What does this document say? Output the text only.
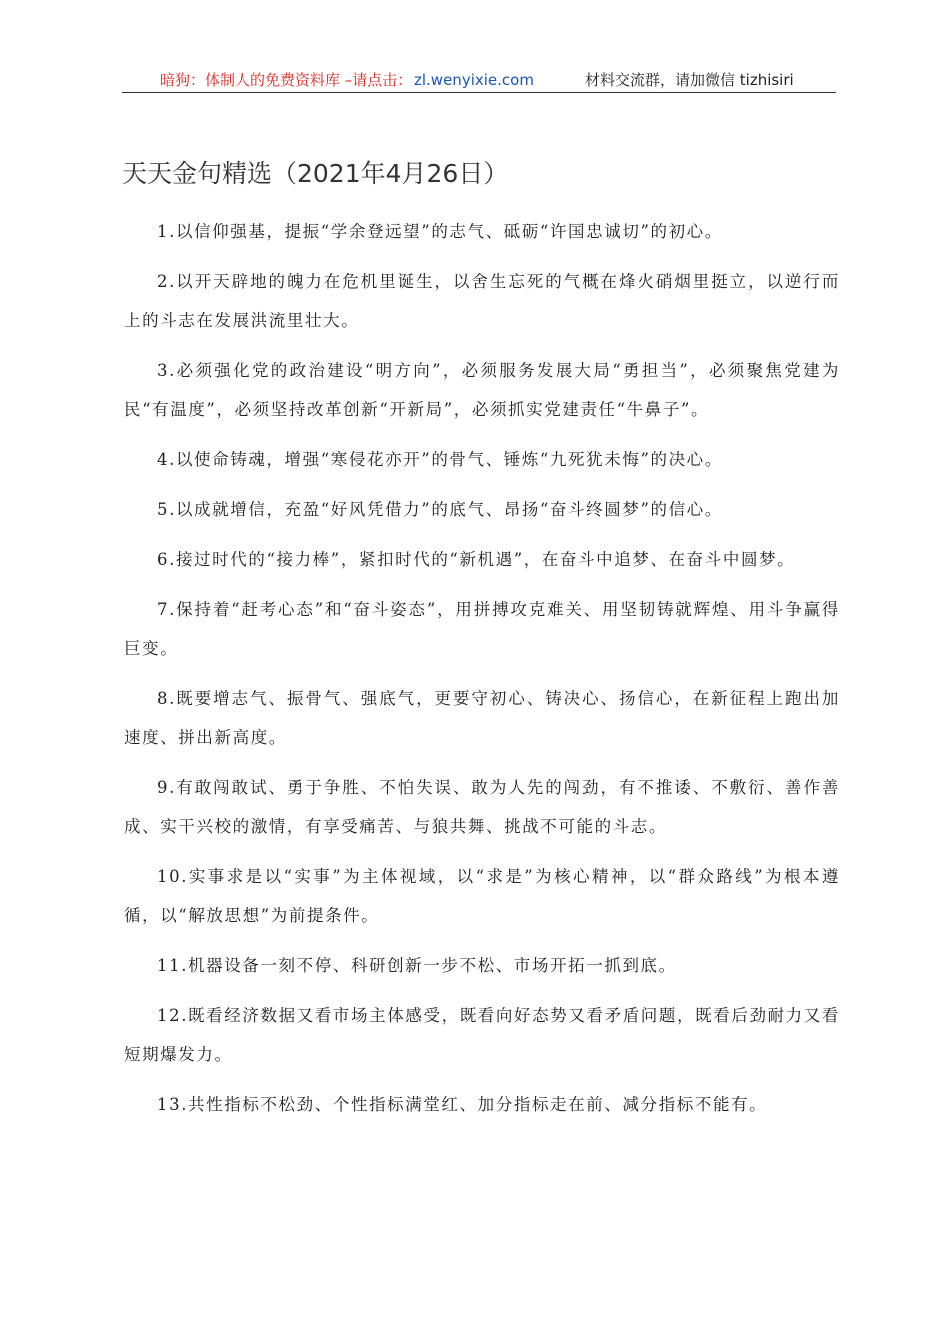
暗狗：体制人的免费资料库 –请点击： zl.wenyixie.com	材料交流群，请加微信 tizhisiri
天天金句精选（2021年4月26日）

1.以信仰强基，提振“学余登远望”的志气、砥砺“许国忠诚切”的初心。

2.以开天辟地的魄力在危机里诞生，以舍生忘死的气概在烽火硝烟里挺立，以逆行而上的斗志在发展洪流里壮大。

3.必须强化党的政治建设“明方向”，必须服务发展大局“勇担当”，必须聚焦党建为民“有温度”，必须坚持改革创新“开新局”，必须抓实党建责任“牛鼻子”。

4.以使命铸魂，增强“寒侵花亦开”的骨气、锤炼“九死犹未悔”的决心。

5.以成就增信，充盈“好风凭借力”的底气、昂扬“奋斗终圆梦”的信心。

6.接过时代的“接力棒”，紧扣时代的“新机遇”，在奋斗中追梦、在奋斗中圆梦。

7.保持着“赶考心态”和“奋斗姿态”，用拼搏攻克难关、用坚韧铸就辉煌、用斗争赢得巨变。

8.既要增志气、振骨气、强底气，更要守初心、铸决心、扬信心，在新征程上跑出加速度、拼出新高度。

9.有敢闯敢试、勇于争胜、不怕失误、敢为人先的闯劲，有不推诿、不敷衍、善作善成、实干兴校的激情，有享受痛苦、与狼共舞、挑战不可能的斗志。

10.实事求是以“实事”为主体视域，以“求是”为核心精神，以“群众路线”为根本遵循，以“解放思想”为前提条件。

11.机器设备一刻不停、科研创新一步不松、市场开拓一抓到底。

12.既看经济数据又看市场主体感受，既看向好态势又看矛盾问题，既看后劲耐力又看短期爆发力。

13.共性指标不松劲、个性指标满堂红、加分指标走在前、减分指标不能有。
